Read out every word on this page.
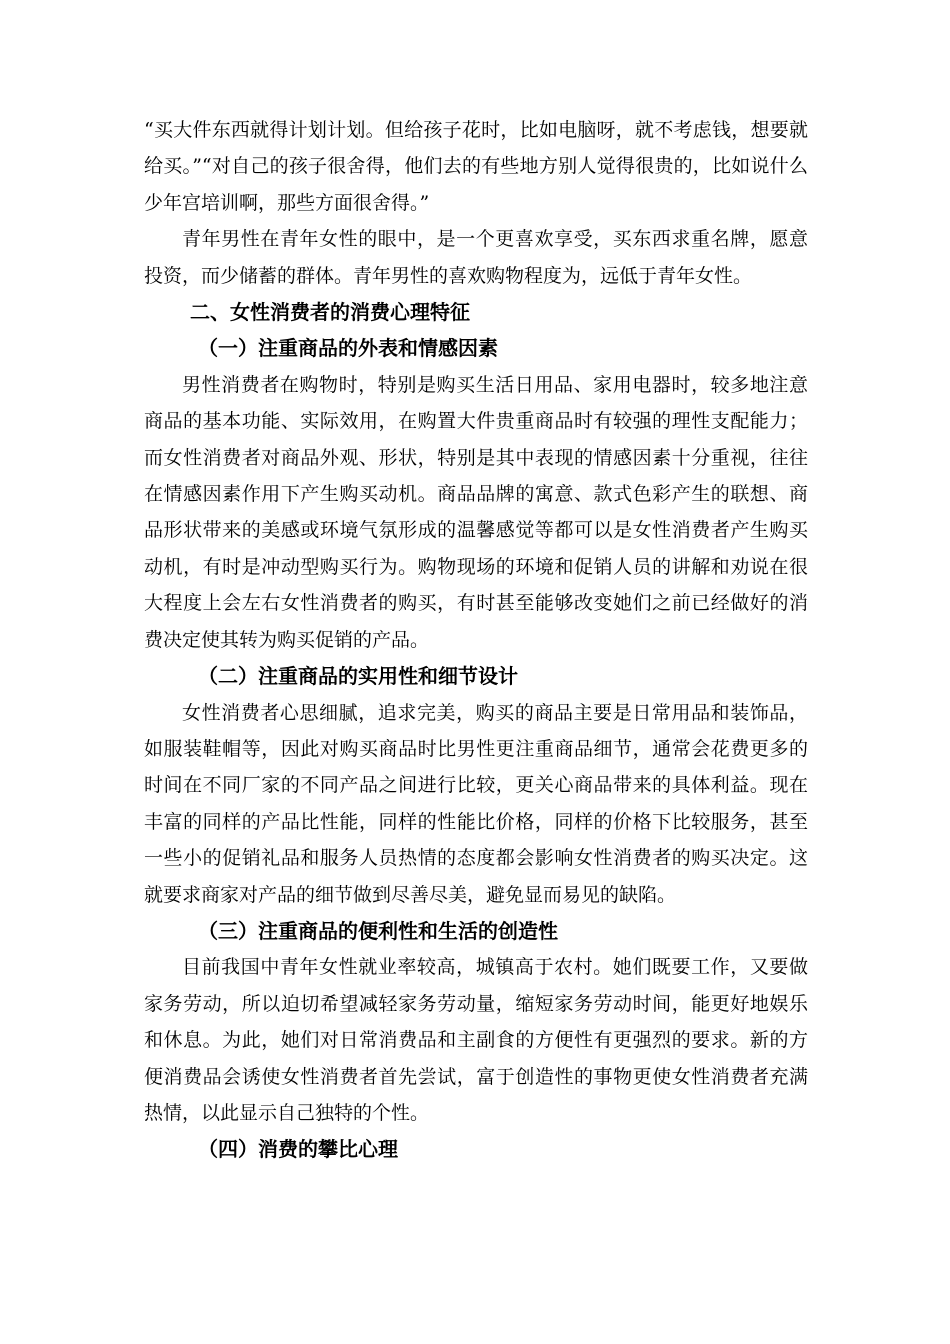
“买大件东西就得计划计划。但给孩子花时，比如电脑呀，就不考虑钱，想要就给买。”“对自己的孩子很舍得，他们去的有些地方别人觉得很贵的，比如说什么少年宫培训啊，那些方面很舍得。”

青年男性在青年女性的眼中，是一个更喜欢享受，买东西求重名牌，愿意投资，而少储蓄的群体。青年男性的喜欢购物程度为，远低于青年女性。

二、女性消费者的消费心理特征

（一）注重商品的外表和情感因素

男性消费者在购物时，特别是购买生活日用品、家用电器时，较多地注意商品的基本功能、实际效用，在购置大件贵重商品时有较强的理性支配能力；而女性消费者对商品外观、形状，特别是其中表现的情感因素十分重视，往往在情感因素作用下产生购买动机。商品品牌的寓意、款式色彩产生的联想、商品形状带来的美感或环境气氛形成的温馨感觉等都可以是女性消费者产生购买动机，有时是冲动型购买行为。购物现场的环境和促销人员的讲解和劝说在很大程度上会左右女性消费者的购买，有时甚至能够改变她们之前已经做好的消费决定使其转为购买促销的产品。

（二）注重商品的实用性和细节设计

女性消费者心思细腻，追求完美，购买的商品主要是日常用品和装饰品，如服装鞋帽等，因此对购买商品时比男性更注重商品细节，通常会花费更多的时间在不同厂家的不同产品之间进行比较，更关心商品带来的具体利益。现在丰富的同样的产品比性能，同样的性能比价格，同样的价格下比较服务，甚至一些小的促销礼品和服务人员热情的态度都会影响女性消费者的购买决定。这就要求商家对产品的细节做到尽善尽美，避免显而易见的缺陷。

（三）注重商品的便利性和生活的创造性

目前我国中青年女性就业率较高，城镇高于农村。她们既要工作，又要做家务劳动，所以迫切希望减轻家务劳动量，缩短家务劳动时间，能更好地娱乐和休息。为此，她们对日常消费品和主副食的方便性有更强烈的要求。新的方便消费品会诱使女性消费者首先尝试，富于创造性的事物更使女性消费者充满热情，以此显示自己独特的个性。

（四）消费的攀比心理
